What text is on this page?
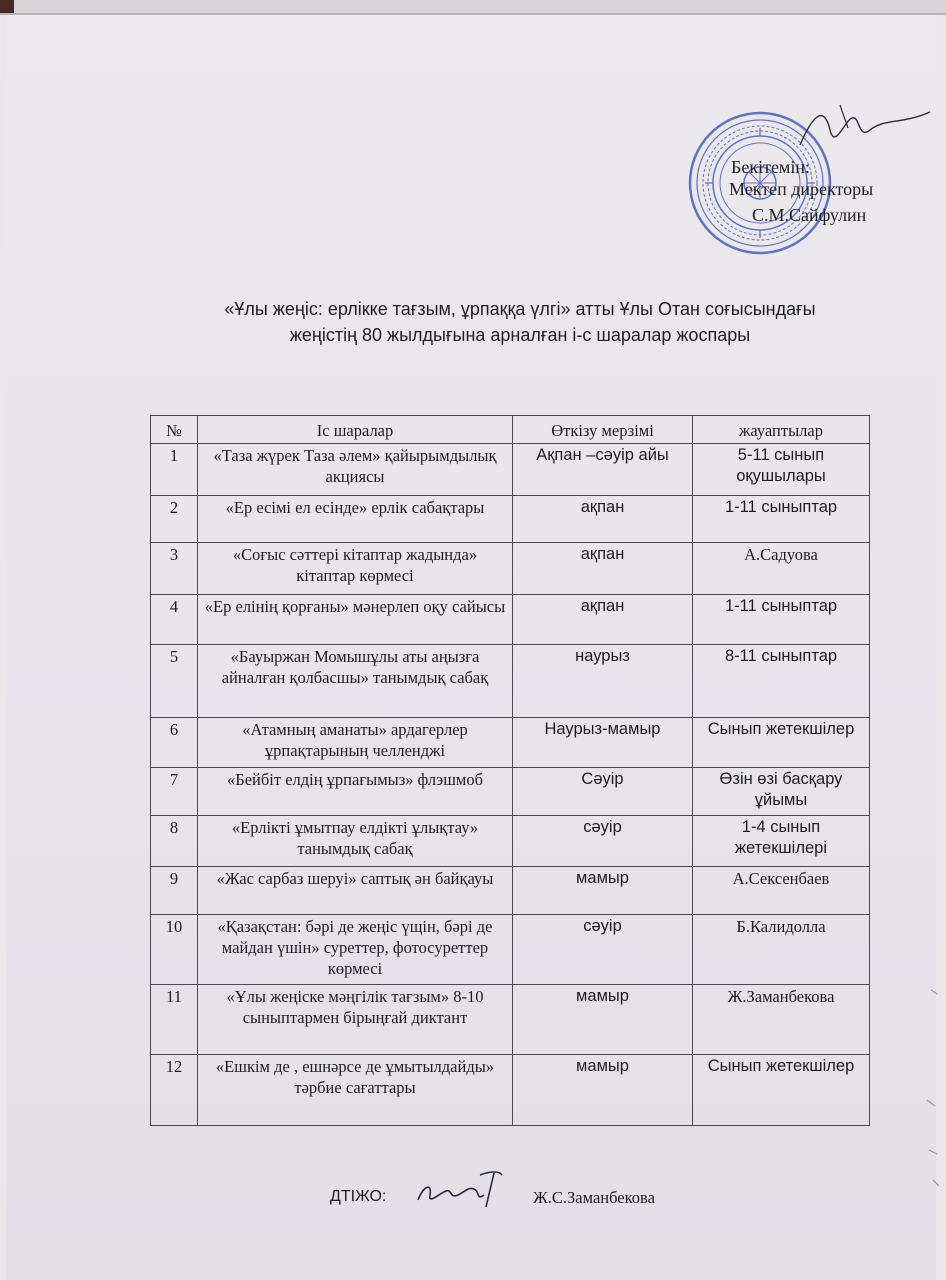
Бекітемін:
Мектеп директоры
С.М.Сайфулин
«Ұлы жеңіс: ерлікке тағзым, ұрпаққа үлгі» атты Ұлы Отан соғысындағы
жеңістің 80 жылдығына арналған і-с шаралар жоспары
№	Іс шаралар	Өткізу мерзімі	жауаптылар
1	«Таза жүрек Таза әлем» қайырымдылық акциясы	Ақпан –сәуір айы	5-11 сынып оқушылары
2	«Ер есімі ел есінде» ерлік сабақтары	ақпан	1-11 сыныптар
3	«Соғыс сәттері кітаптар жадында» кітаптар көрмесі	ақпан	А.Садуова
4	«Ер елінің қорғаны» мәнерлеп оқу сайысы	ақпан	1-11 сыныптар
5	«Бауыржан Момышұлы аты аңызға айналған қолбасшы» танымдық сабақ	наурыз	8-11 сыныптар
6	«Атамның аманаты» ардагерлер ұрпақтарының челленджі	Наурыз-мамыр	Сынып жетекшілер
7	«Бейбіт елдің ұрпағымыз» флэшмоб	Сәуір	Өзін өзі басқару ұйымы
8	«Ерлікті ұмытпау елдікті ұлықтау» танымдық сабақ	сәуір	1-4 сынып жетекшілері
9	«Жас сарбаз шеруі» саптық ән байқауы	мамыр	А.Сексенбаев
10	«Қазақстан: бәрі де жеңіс үщін, бәрі де майдан үшін» суреттер, фотосуреттер көрмесі	сәуір	Б.Калидолла
11	«Ұлы жеңіске мәңгілік тағзым» 8-10 сыныптармен бірыңғай диктант	мамыр	Ж.Заманбекова
12	«Ешкім де , ешнәрсе де ұмытылдайды» тәрбие сағаттары	мамыр	Сынып жетекшілер
ДТІЖО:	Ж.С.Заманбекова
